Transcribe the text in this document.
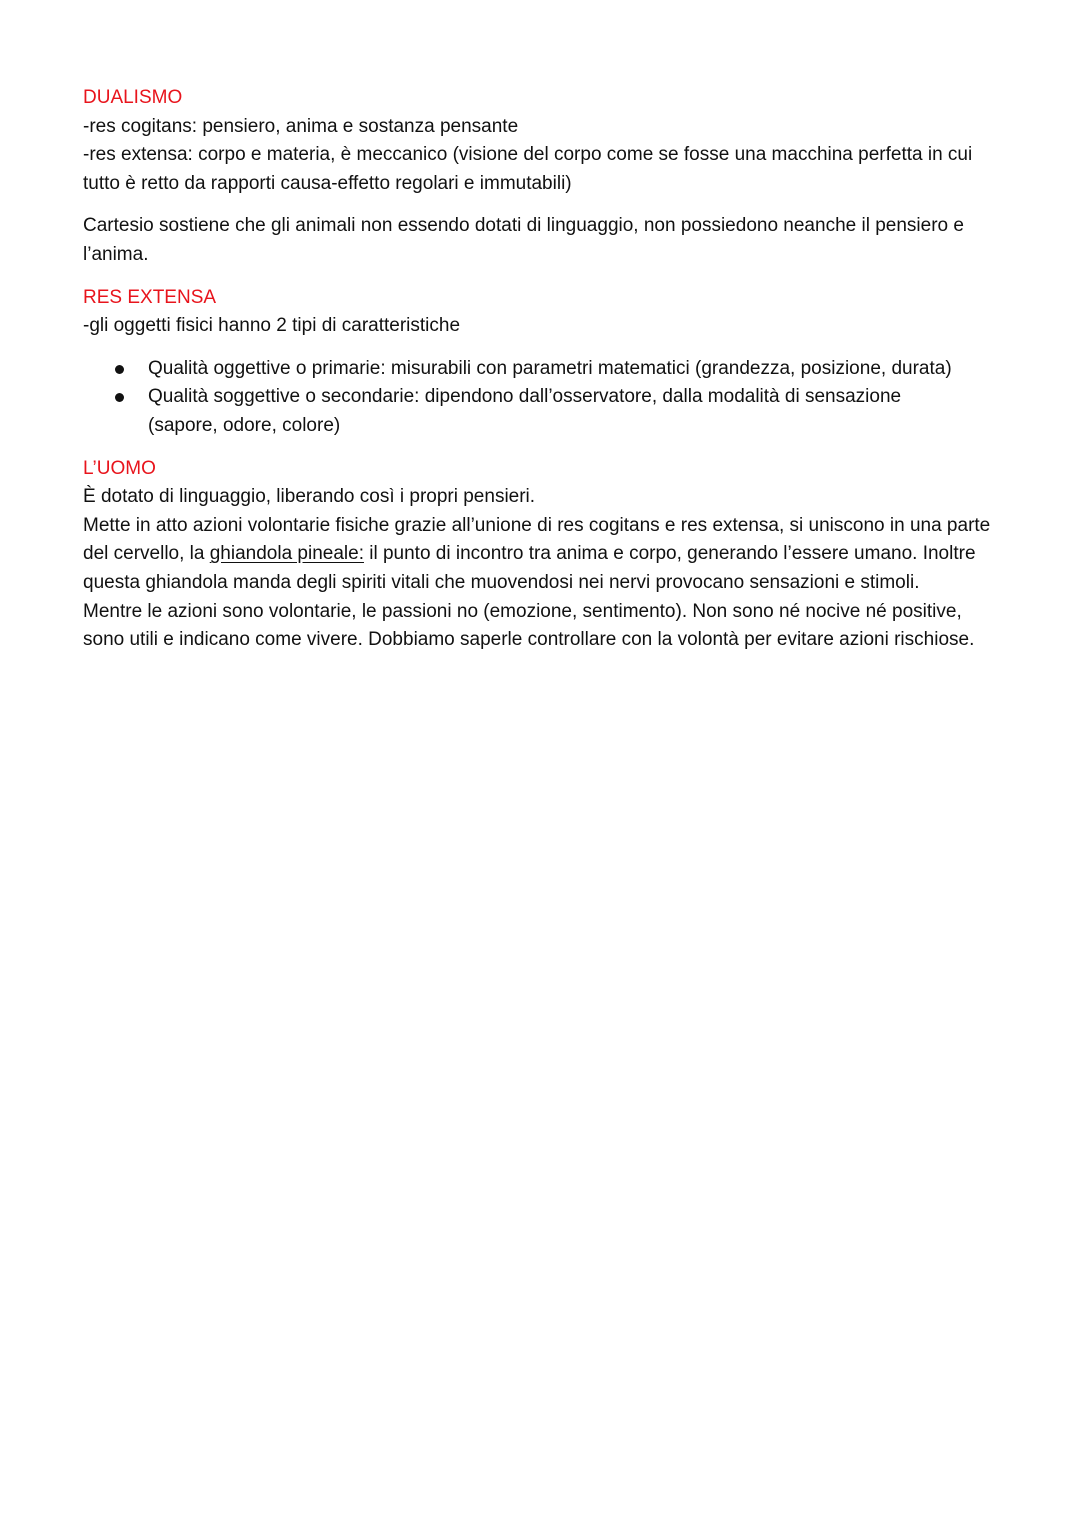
DUALISMO

-res cogitans: pensiero, anima e sostanza pensante

-res extensa: corpo e materia, è meccanico (visione del corpo come se fosse una macchina perfetta in cui tutto è retto da rapporti causa-effetto regolari e immutabili)

Cartesio sostiene che gli animali non essendo dotati di linguaggio, non possiedono neanche il pensiero e l’anima.

RES EXTENSA

-gli oggetti fisici hanno 2 tipi di caratteristiche

Qualità oggettive o primarie: misurabili con parametri matematici (grandezza, posizione, durata)
Qualità soggettive o secondarie: dipendono dall’osservatore, dalla modalità di sensazione (sapore, odore, colore)

L’UOMO

È dotato di linguaggio, liberando così i propri pensieri.

Mette in atto azioni volontarie fisiche grazie all’unione di res cogitans e res extensa, si uniscono in una parte del cervello, la ghiandola pineale: il punto di incontro tra anima e corpo, generando l’essere umano. Inoltre questa ghiandola manda degli spiriti vitali che muovendosi nei nervi provocano sensazioni e stimoli.

Mentre le azioni sono volontarie, le passioni no (emozione, sentimento). Non sono né nocive né positive, sono utili e indicano come vivere. Dobbiamo saperle controllare con la volontà per evitare azioni rischiose.
